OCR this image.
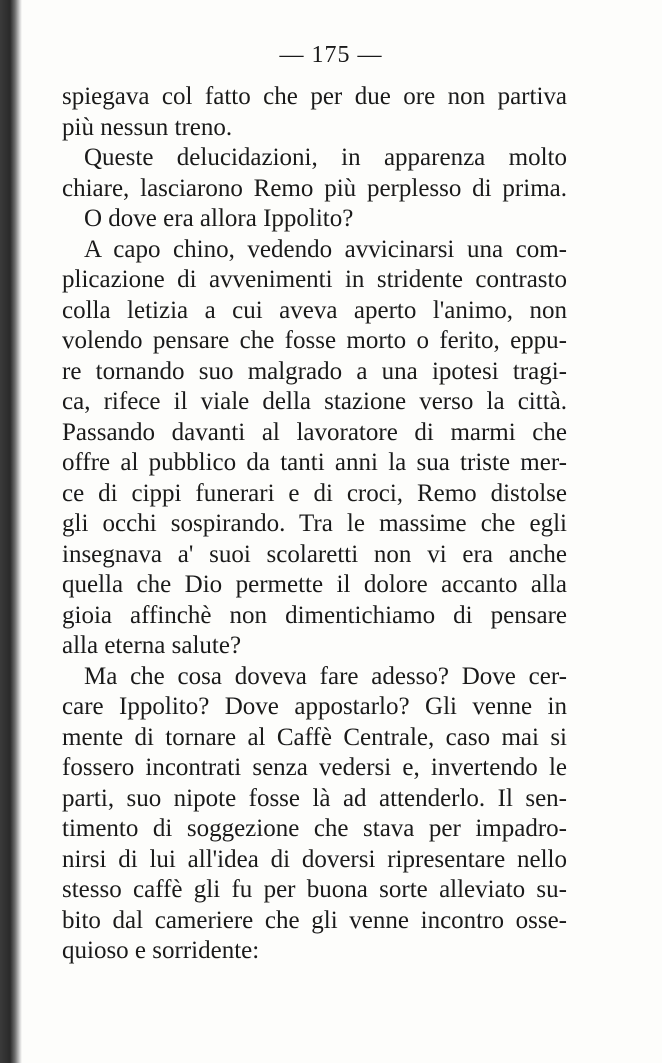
— 175 —
spiegava col fatto che per due ore non partiva
più nessun treno.
Queste delucidazioni, in apparenza molto
chiare, lasciarono Remo più perplesso di prima.
O dove era allora Ippolito?
A capo chino, vedendo avvicinarsi una com-
plicazione di avvenimenti in stridente contrasto
colla letizia a cui aveva aperto l'animo, non
volendo pensare che fosse morto o ferito, eppu-
re tornando suo malgrado a una ipotesi tragi-
ca, rifece il viale della stazione verso la città.
Passando davanti al lavoratore di marmi che
offre al pubblico da tanti anni la sua triste mer-
ce di cippi funerari e di croci, Remo distolse
gli occhi sospirando. Tra le massime che egli
insegnava a' suoi scolaretti non vi era anche
quella che Dio permette il dolore accanto alla
gioia affinchè non dimentichiamo di pensare
alla eterna salute?
Ma che cosa doveva fare adesso? Dove cer-
care Ippolito? Dove appostarlo? Gli venne in
mente di tornare al Caffè Centrale, caso mai si
fossero incontrati senza vedersi e, invertendo le
parti, suo nipote fosse là ad attenderlo. Il sen-
timento di soggezione che stava per impadro-
nirsi di lui all'idea di doversi ripresentare nello
stesso caffè gli fu per buona sorte alleviato su-
bito dal cameriere che gli venne incontro osse-
quioso e sorridente:
